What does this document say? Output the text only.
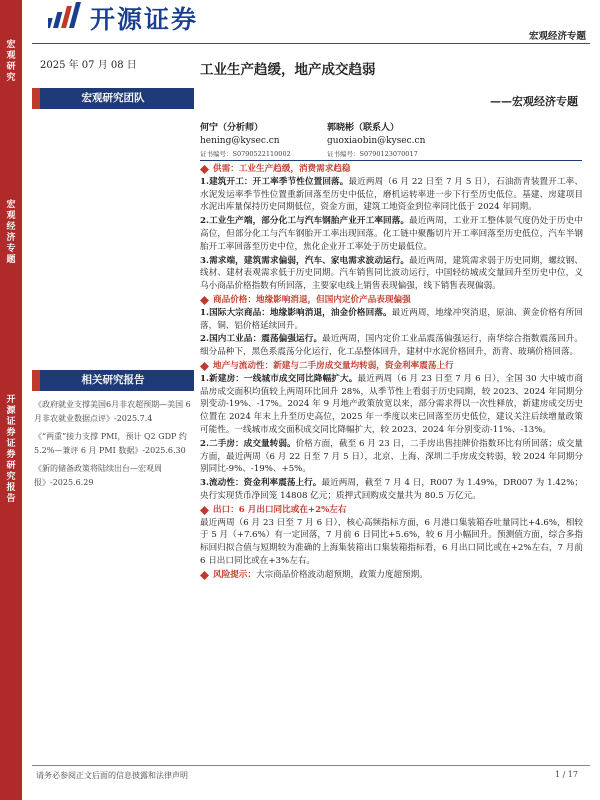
宏观研究
宏观经济专题
开源证券 证券研究报告
开源证券
宏观经济专题
2025 年 07 月 08 日
宏观研究团队
相关研究报告
《政府就业支撑美国6月非农超预期—美国 6 月非农就业数据点评》-2025.7.4
《“两重”接力支撑 PMI，预计 Q2 GDP 约 5.2%—兼评 6 月 PMI 数据》-2025.6.30
《新的储备政策将陆续出台—宏观周报》-2025.6.29
工业生产趋缓，地产成交趋弱
——宏观经济专题
何宁（分析师）
hening@kysec.cn
证书编号：S0790522110002
郭晓彬（联系人）
guoxiaobin@kysec.cn
证书编号：S0790123070017
供需：工业生产趋缓，消费需求趋稳

1.建筑开工：开工率季节性位置回落。最近两周（6 月 22 日至 7 月 5 日），石油沥青装置开工率、水泥发运率季节性位置重新回落至历史中低位，磨机运转率进一步下行至历史低位。基建、房建项目水泥出库量保持历史同期低位，资金方面，建筑工地资金到位率同比低于 2024 年同期。

2.工业生产端，部分化工与汽车钢胎产业开工率回落。最近两周，工业开工整体景气度仍处于历史中高位，但部分化工与汽车钢胎开工率出现回落。化工链中聚酯切片开工率回落至历史低位，汽车半钢胎开工率回落至历史中位，焦化企业开工率处于历史最低位。

3.需求端，建筑需求偏弱，汽车、家电需求波动运行。最近两周，建筑需求弱于历史同期，螺纹钢、线材、建材表观需求低于历史同期。汽车销售同比波动运行，中国轻纺城成交量回升至历史中位，义乌小商品价格指数有所回落，主要家电线上销售表现偏强，线下销售表现偏弱。

商品价格：地缘影响消退，但国内定价产品表现偏强

1.国际大宗商品：地缘影响消退，油金价格回落。最近两周，地缘冲突消退，原油、黄金价格有所回落，铜、铝价格延续回升。

2.国内工业品：震荡偏强运行。最近两周，国内定价工业品震荡偏强运行，南华综合指数震荡回升。细分品种下，黑色系震荡分化运行，化工品整体回升，建材中水泥价格回升，沥青、玻璃价格回落。

地产与流动性：新建与二手房成交量均转弱，资金利率震荡上行

1.新建房：一线城市成交同比降幅扩大。最近两周（6 月 23 日至 7 月 6 日），全国 30 大中城市商品房成交面积均值较上两周环比回升 28%，从季节性上看弱于历史同期，较 2023、2024 年同期分别变动-19%、-17%。2024 年 9 月地产政策放宽以来，部分需求得以一次性释放，新建房成交历史位置在 2024 年末上升至历史高位，2025 年一季度以来已回落至历史低位，建议关注后续增量政策可能性。一线城市成交面积成交同比降幅扩大，较 2023、2024 年分别变动-11%、-13%。

2.二手房：成交量转弱。价格方面，截至 6 月 23 日，二手房出售挂牌价指数环比有所回落；成交量方面，最近两周（6 月 22 日至 7 月 5 日），北京、上海、深圳二手房成交转弱，较 2024 年同期分别同比-9%、-19%、+5%。

3.流动性：资金利率震荡上行。最近两周，截至 7 月 4 日，R007 为 1.49%，DR007 为 1.42%；央行实现货币净回笼 14808 亿元；质押式回购成交量共为 80.5 万亿元。

出口：6 月出口同比或在+2%左右

最近两周（6 月 23 日至 7 月 6 日），核心高频指标方面，6 月港口集装箱吞吐量同比+4.6%，相较于 5 月（+7.6%）有一定回落，7 月前 6 日同比+5.6%，较 6 月小幅回升。预测值方面，综合多指标回归拟合值与短期较为准确的上海集装箱出口集装箱指标看，6 月出口同比或在+2%左右，7 月前 6 日出口同比或在+3%左右。

风险提示： 大宗商品价格波动超预期，政策力度超预期。
请务必参阅正文后面的信息披露和法律声明	1 / 17
